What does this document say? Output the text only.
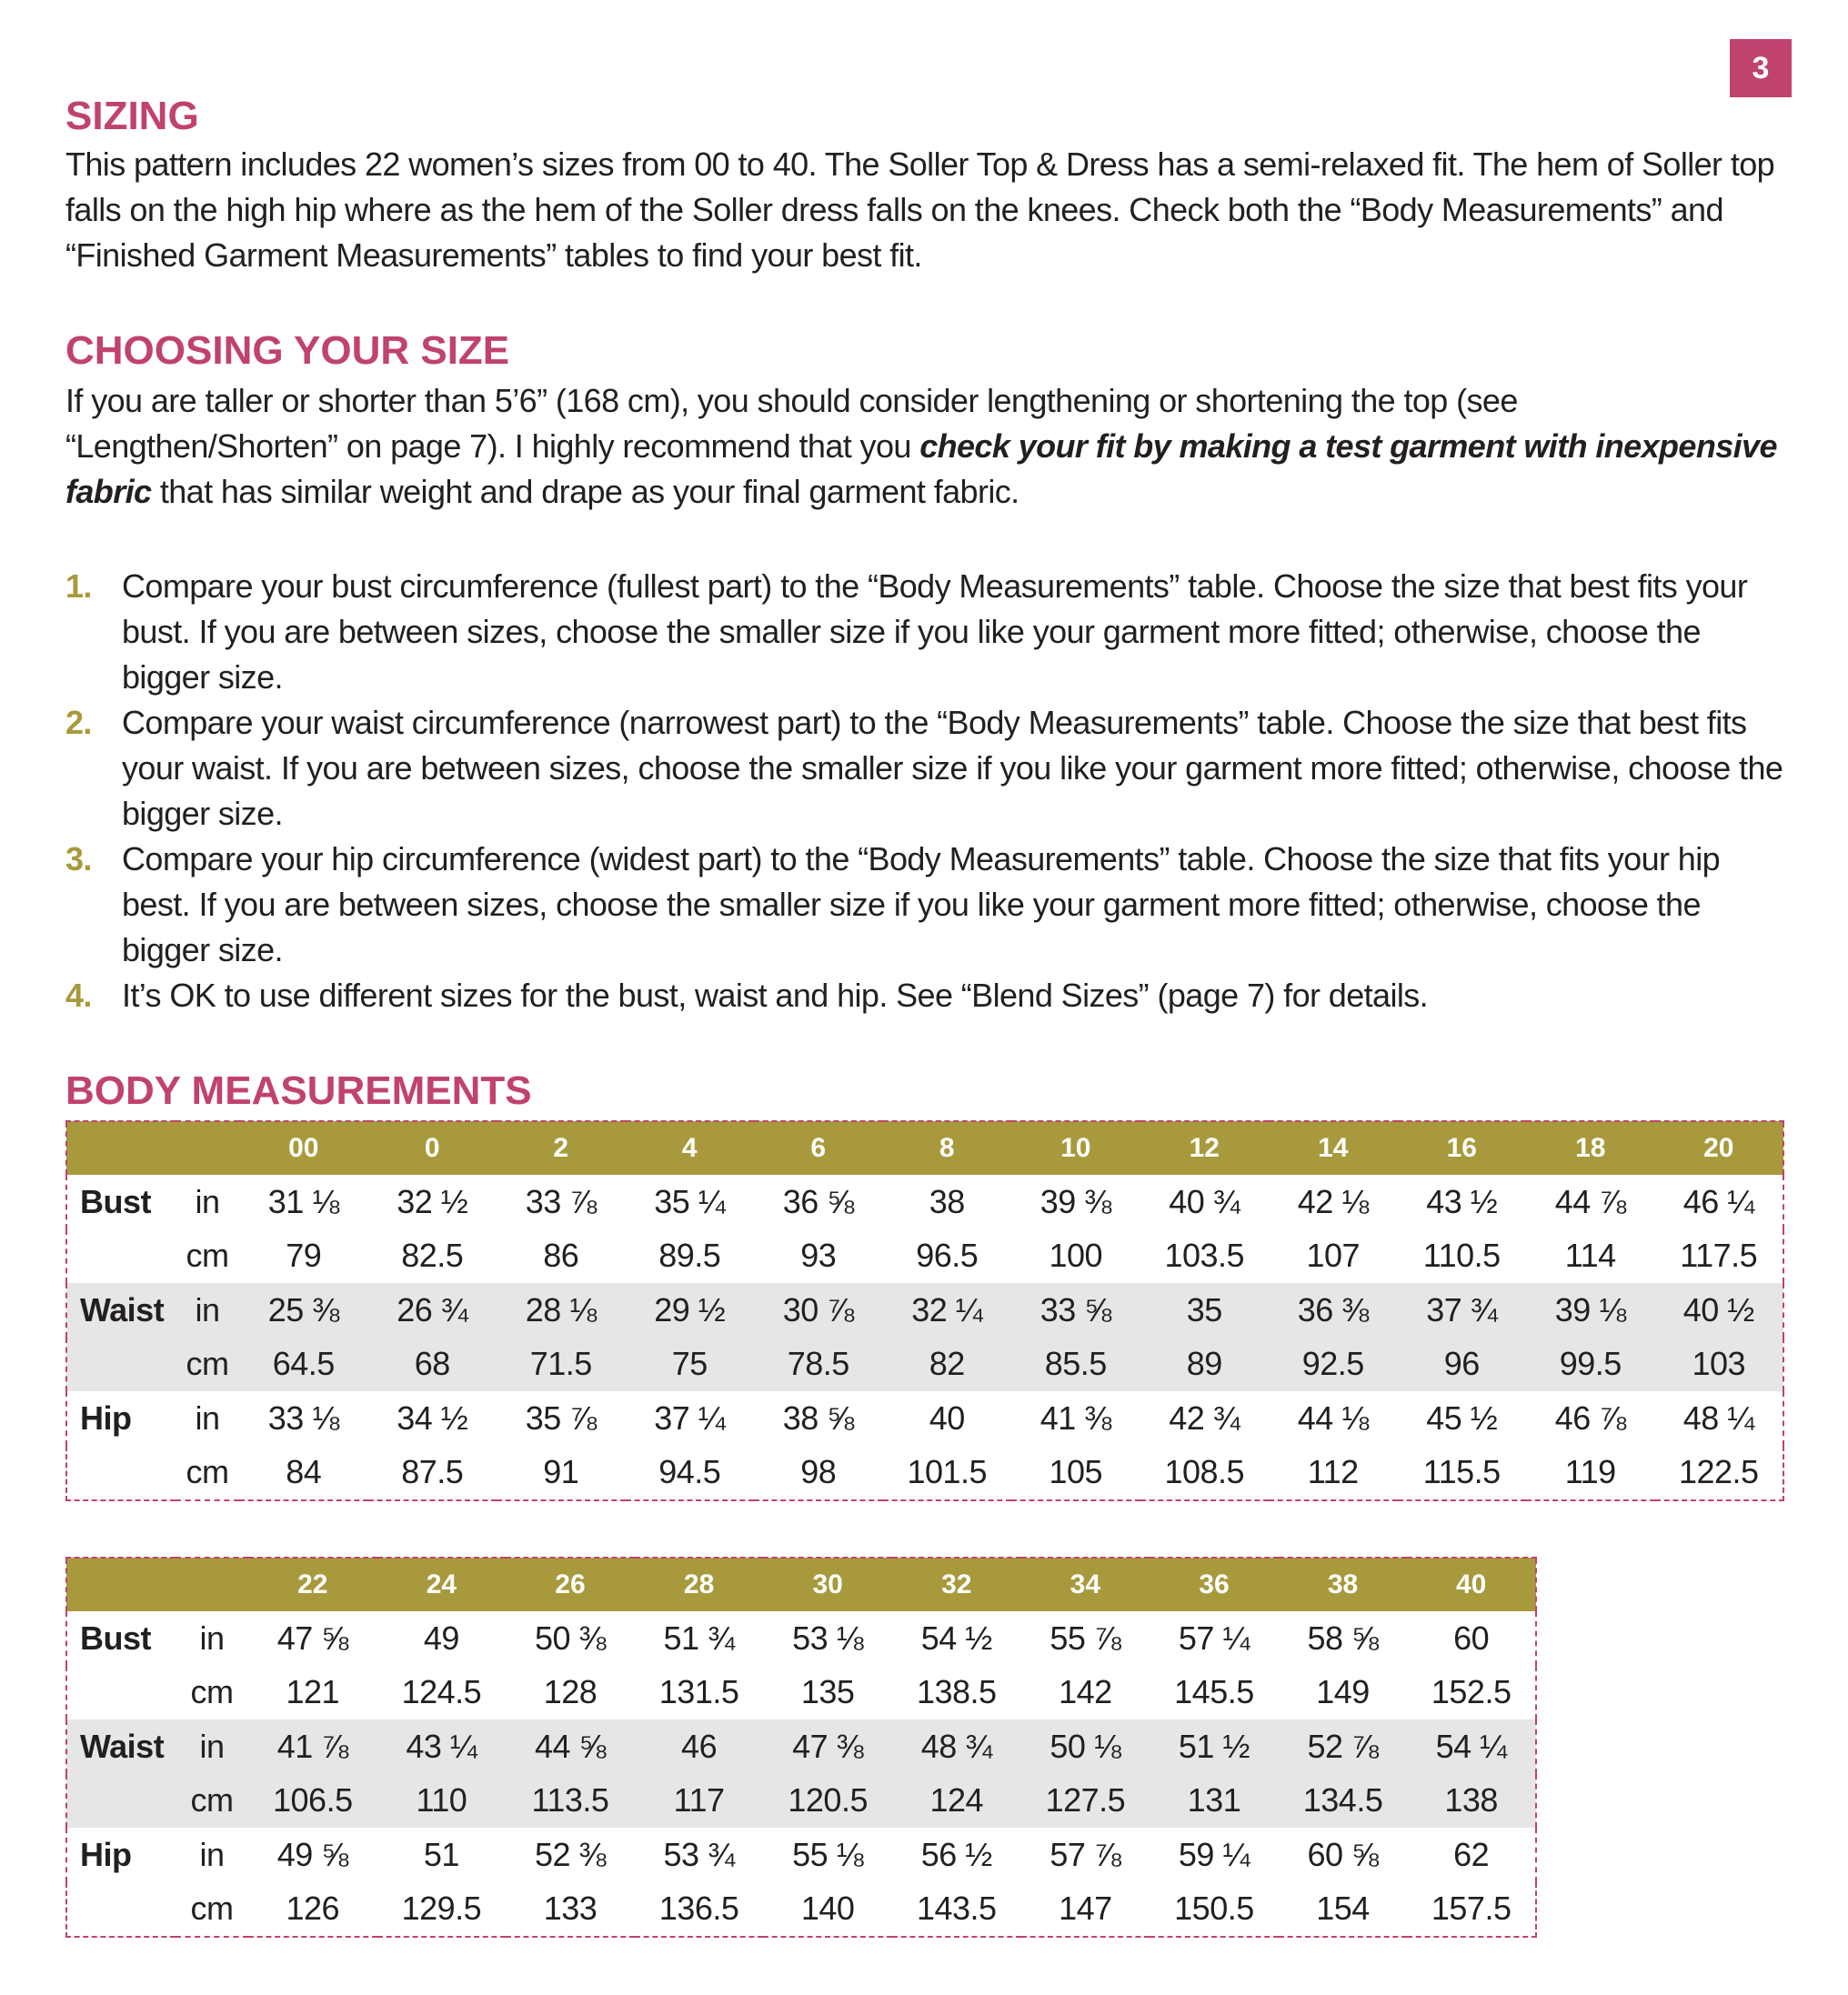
3
SIZING

This pattern includes 22 women’s sizes from 00 to 40. The Soller Top & Dress has a semi-relaxed fit. The hem of Soller top falls on the high hip where as the hem of the Soller dress falls on the knees. Check both the “Body Measurements” and “Finished Garment Measurements” tables to find your best fit.

CHOOSING YOUR SIZE

If you are taller or shorter than 5’6” (168 cm), you should consider lengthening or shortening the top (see “Lengthen/Shorten” on page 7). I highly recommend that you check your fit by making a test garment with inexpensive fabric that has similar weight and drape as your final garment fabric.

1. Compare your bust circumference (fullest part) to the “Body Measurements” table. Choose the size that best fits your bust. If you are between sizes, choose the smaller size if you like your garment more fitted; otherwise, choose the bigger size.
2. Compare your waist circumference (narrowest part) to the “Body Measurements” table. Choose the size that best fits your waist. If you are between sizes, choose the smaller size if you like your garment more fitted; otherwise, choose the bigger size.
3. Compare your hip circumference (widest part) to the “Body Measurements” table. Choose the size that fits your hip best. If you are between sizes, choose the smaller size if you like your garment more fitted; otherwise, choose the bigger size.
4. It’s OK to use different sizes for the bust, waist and hip. See “Blend Sizes” (page 7) for details.
BODY MEASUREMENTS
		00	0	2	4	6	8	10	12	14	16	18	20
Bust	in	31 ⅛	32 ½	33 ⅞	35 ¼	36 ⅝	38	39 ⅜	40 ¾	42 ⅛	43 ½	44 ⅞	46 ¼
	cm	79	82.5	86	89.5	93	96.5	100	103.5	107	110.5	114	117.5
Waist	in	25 ⅜	26 ¾	28 ⅛	29 ½	30 ⅞	32 ¼	33 ⅝	35	36 ⅜	37 ¾	39 ⅛	40 ½
	cm	64.5	68	71.5	75	78.5	82	85.5	89	92.5	96	99.5	103
Hip	in	33 ⅛	34 ½	35 ⅞	37 ¼	38 ⅝	40	41 ⅜	42 ¾	44 ⅛	45 ½	46 ⅞	48 ¼
	cm	84	87.5	91	94.5	98	101.5	105	108.5	112	115.5	119	122.5
		22	24	26	28	30	32	34	36	38	40
Bust	in	47 ⅝	49	50 ⅜	51 ¾	53 ⅛	54 ½	55 ⅞	57 ¼	58 ⅝	60
	cm	121	124.5	128	131.5	135	138.5	142	145.5	149	152.5
Waist	in	41 ⅞	43 ¼	44 ⅝	46	47 ⅜	48 ¾	50 ⅛	51 ½	52 ⅞	54 ¼
	cm	106.5	110	113.5	117	120.5	124	127.5	131	134.5	138
Hip	in	49 ⅝	51	52 ⅜	53 ¾	55 ⅛	56 ½	57 ⅞	59 ¼	60 ⅝	62
	cm	126	129.5	133	136.5	140	143.5	147	150.5	154	157.5
